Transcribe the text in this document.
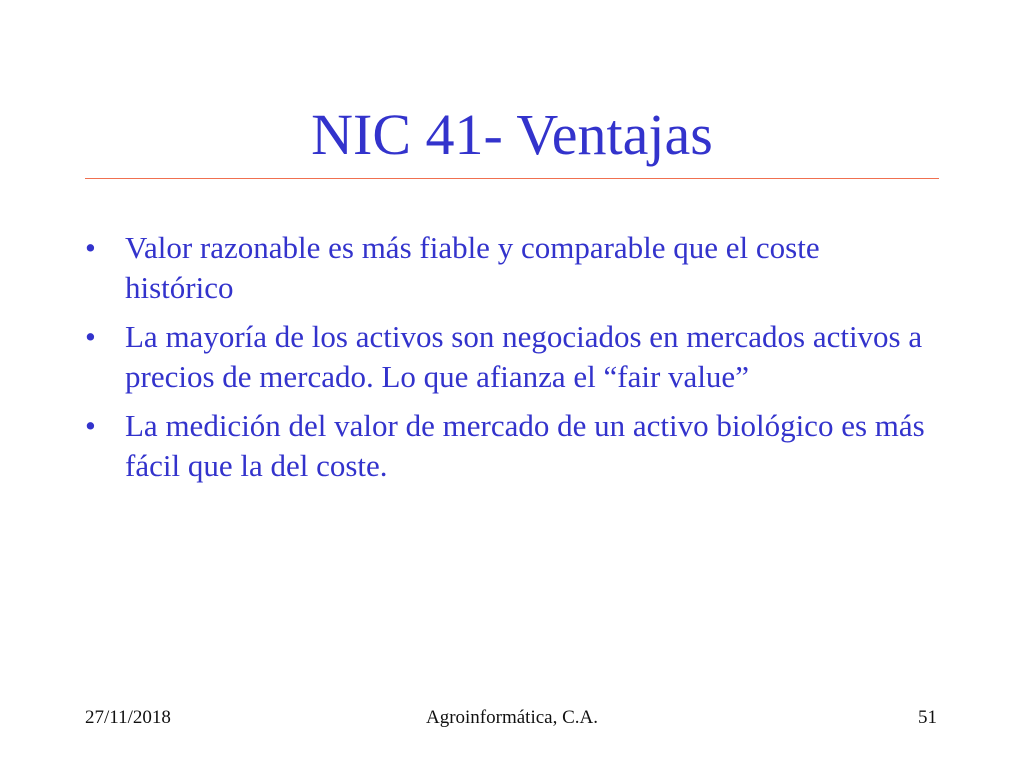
NIC 41- Ventajas
• Valor razonable es más fiable y comparable que el coste histórico
• La mayoría de los activos son negociados en mercados activos a precios de mercado. Lo que afianza el “fair value”
• La medición del valor de mercado de un activo biológico es más fácil que la del coste.
27/11/2018	Agroinformática, C.A.	51
